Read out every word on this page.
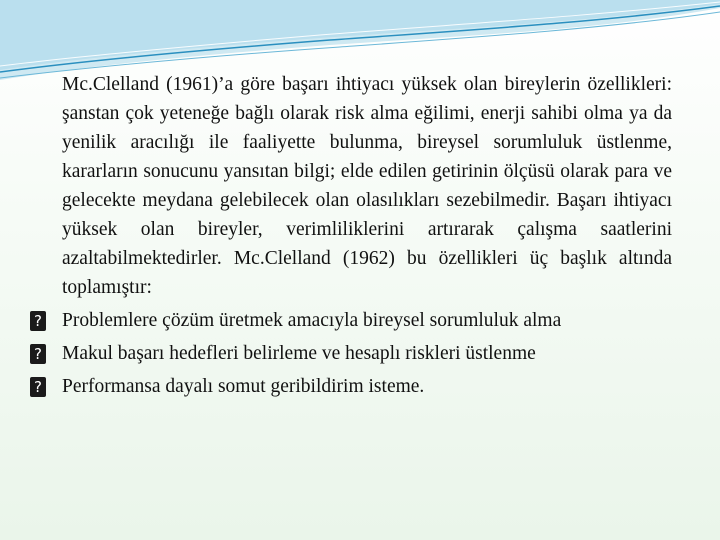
Mc.Clelland (1961)’a göre başarı ihtiyacı yüksek olan bireylerin özellikleri: şanstan çok yeteneğe bağlı olarak risk alma eğilimi, enerji sahibi olma ya da yenilik aracılığı ile faaliyette bulunma, bireysel sorumluluk üstlenme, kararların sonucunu yansıtan bilgi; elde edilen getirinin ölçüsü olarak para ve gelecekte meydana gelebilecek olan olasılıkları sezebilmedir. Başarı ihtiyacı yüksek olan bireyler, verimliliklerini artırarak çalışma saatlerini azaltabilmektedirler. Mc.Clelland (1962) bu özellikleri üç başlık altında toplamıştır:

? Problemlere çözüm üretmek amacıyla bireysel sorumluluk alma
? Makul başarı hedefleri belirleme ve hesaplı riskleri üstlenme
? Performansa dayalı somut geribildirim isteme.
